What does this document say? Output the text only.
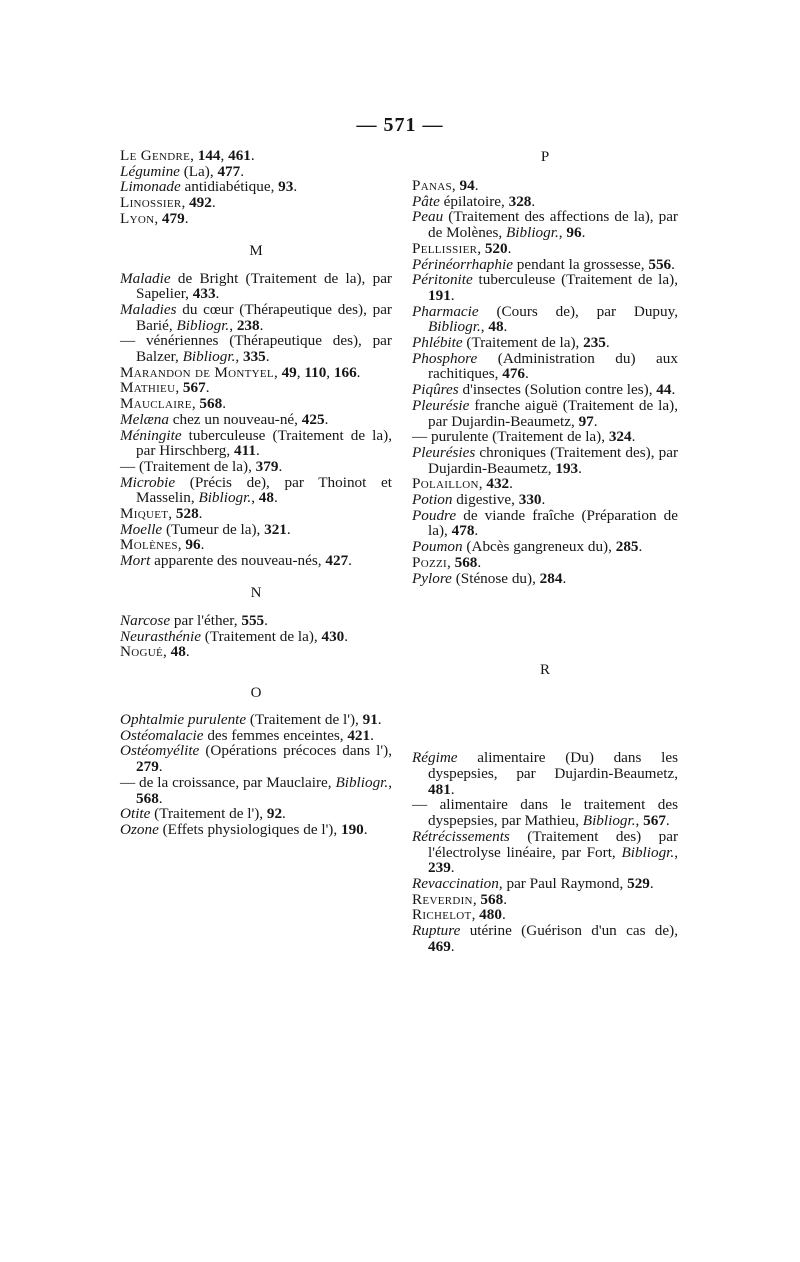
— 571 —

Le Gendre, 144, 461.

Légumine (La), 477.

Limonade antidiabétique, 93.

Linossier, 492.

Lyon, 479.

M

Maladie de Bright (Traitement de la), par Sapelier, 433.

Maladies du cœur (Thérapeutique des), par Barié, Bibliogr., 238.

— vénériennes (Thérapeutique des), par Balzer, Bibliogr., 335.

Marandon de Montyel, 49, 110, 166.

Mathieu, 567.

Mauclaire, 568.

Melæna chez un nouveau-né, 425.

Méningite tuberculeuse (Traitement de la), par Hirschberg, 411.

— (Traitement de la), 379.

Microbie (Précis de), par Thoinot et Masselin, Bibliogr., 48.

Miquet, 528.

Moelle (Tumeur de la), 321.

Molènes, 96.

Mort apparente des nouveau-nés, 427.

N

Narcose par l'éther, 555.

Neurasthénie (Traitement de la), 430.

Nogué, 48.

O

Ophtalmie purulente (Traitement de l'), 91.

Ostéomalacie des femmes enceintes, 421.

Ostéomyélite (Opérations précoces dans l'), 279.

— de la croissance, par Mauclaire, Bibliogr., 568.

Otite (Traitement de l'), 92.

Ozone (Effets physiologiques de l'), 190.

P

Panas, 94.

Pâte épilatoire, 328.

Peau (Traitement des affections de la), par de Molènes, Bibliogr., 96.

Pellissier, 520.

Périnéorrhaphie pendant la grossesse, 556.

Péritonite tuberculeuse (Traitement de la), 191.

Pharmacie (Cours de), par Dupuy, Bibliogr., 48.

Phlébite (Traitement de la), 235.

Phosphore (Administration du) aux rachitiques, 476.

Piqûres d'insectes (Solution contre les), 44.

Pleurésie franche aiguë (Traitement de la), par Dujardin-Beaumetz, 97.

— purulente (Traitement de la), 324.

Pleurésies chroniques (Traitement des), par Dujardin-Beaumetz, 193.

Polaillon, 432.

Potion digestive, 330.

Poudre de viande fraîche (Préparation de la), 478.

Poumon (Abcès gangreneux du), 285.

Pozzi, 568.

Pylore (Sténose du), 284.

R

Régime alimentaire (Du) dans les dyspepsies, par Dujardin-Beaumetz, 481.

— alimentaire dans le traitement des dyspepsies, par Mathieu, Bibliogr., 567.

Rétrécissements (Traitement des) par l'électrolyse linéaire, par Fort, Bibliogr., 239.

Revaccination, par Paul Raymond, 529.

Reverdin, 568.

Richelot, 480.

Rupture utérine (Guérison d'un cas de), 469.
